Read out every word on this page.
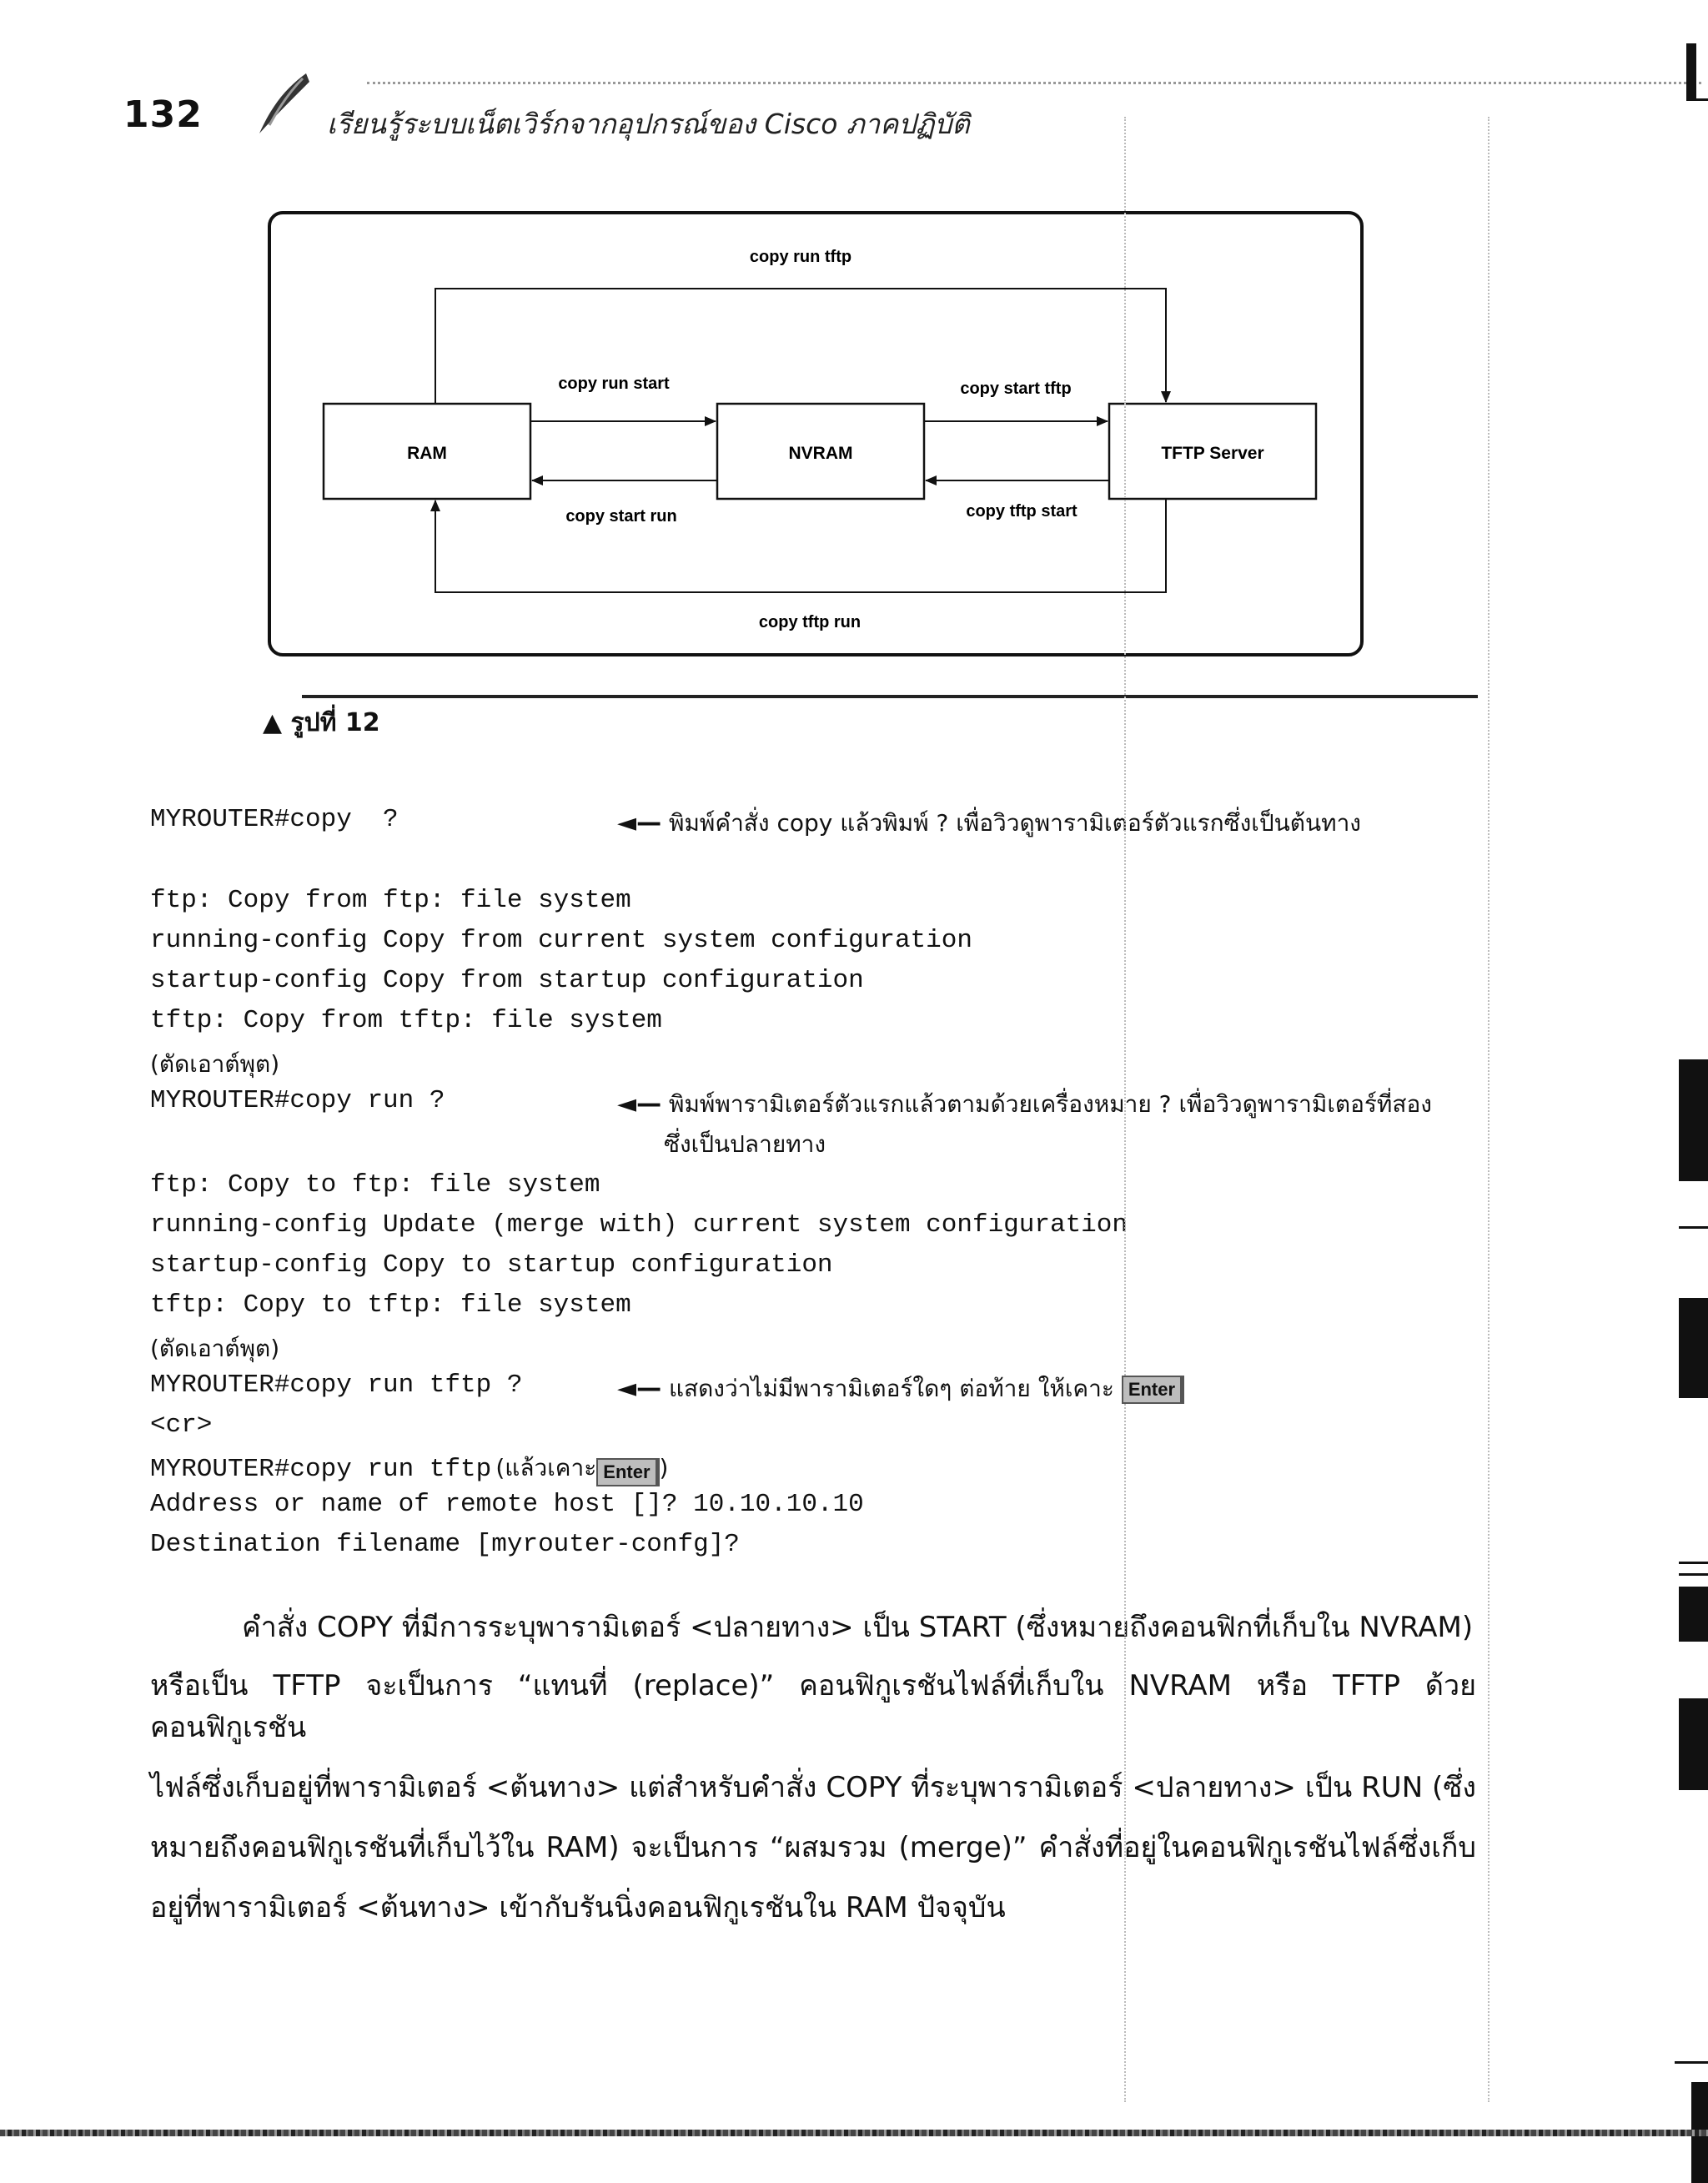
132	เรียนรู้ระบบเน็ตเวิร์กจากอุปกรณ์ของ Cisco ภาคปฏิบัติ
RAM	NVRAM	TFTP Server
copy run tftp
copy run start
copy start run
copy start tftp
copy tftp start
copy tftp run
▲ รูปที่ 12
MYROUTER#copy  ?	◄— พิมพ์คำสั่ง copy แล้วพิมพ์ ? เพื่อวิวดูพารามิเตอร์ตัวแรกซึ่งเป็นต้นทาง
ftp: Copy from ftp: file system
running-config Copy from current system configuration
startup-config Copy from startup configuration
tftp: Copy from tftp: file system
(ตัดเอาต์พุต)
MYROUTER#copy run ?	◄— พิมพ์พารามิเตอร์ตัวแรกแล้วตามด้วยเครื่องหมาย ? เพื่อวิวดูพารามิเตอร์ที่สอง
ซึ่งเป็นปลายทาง
ftp: Copy to ftp: file system
running-config Update (merge with) current system configuration
startup-config Copy to startup configuration
tftp: Copy to tftp: file system
(ตัดเอาต์พุต)
MYROUTER#copy run tftp ?	◄— แสดงว่าไม่มีพารามิเตอร์ใดๆ ต่อท้าย ให้เคาะ Enter
<cr>
MYROUTER#copy run tftp (แล้วเคาะ Enter )
Address or name of remote host []? 10.10.10.10
Destination filename [myrouter-confg]?

คำสั่ง COPY ที่มีการระบุพารามิเตอร์ <ปลายทาง> เป็น START (ซึ่งหมายถึงคอนฟิกที่เก็บใน NVRAM)

หรือเป็น TFTP จะเป็นการ “แทนที่ (replace)” คอนฟิกูเรชันไฟล์ที่เก็บใน NVRAM หรือ TFTP ด้วยคอนฟิกูเรชัน
ไฟล์ซึ่งเก็บอยู่ที่พารามิเตอร์ <ต้นทาง> แต่สำหรับคำสั่ง COPY ที่ระบุพารามิเตอร์ <ปลายทาง> เป็น RUN (ซึ่ง
หมายถึงคอนฟิกูเรชันที่เก็บไว้ใน RAM) จะเป็นการ “ผสมรวม (merge)” คำสั่งที่อยู่ในคอนฟิกูเรชันไฟล์ซึ่งเก็บ
อยู่ที่พารามิเตอร์ <ต้นทาง> เข้ากับรันนิ่งคอนฟิกูเรชันใน RAM ปัจจุบัน
